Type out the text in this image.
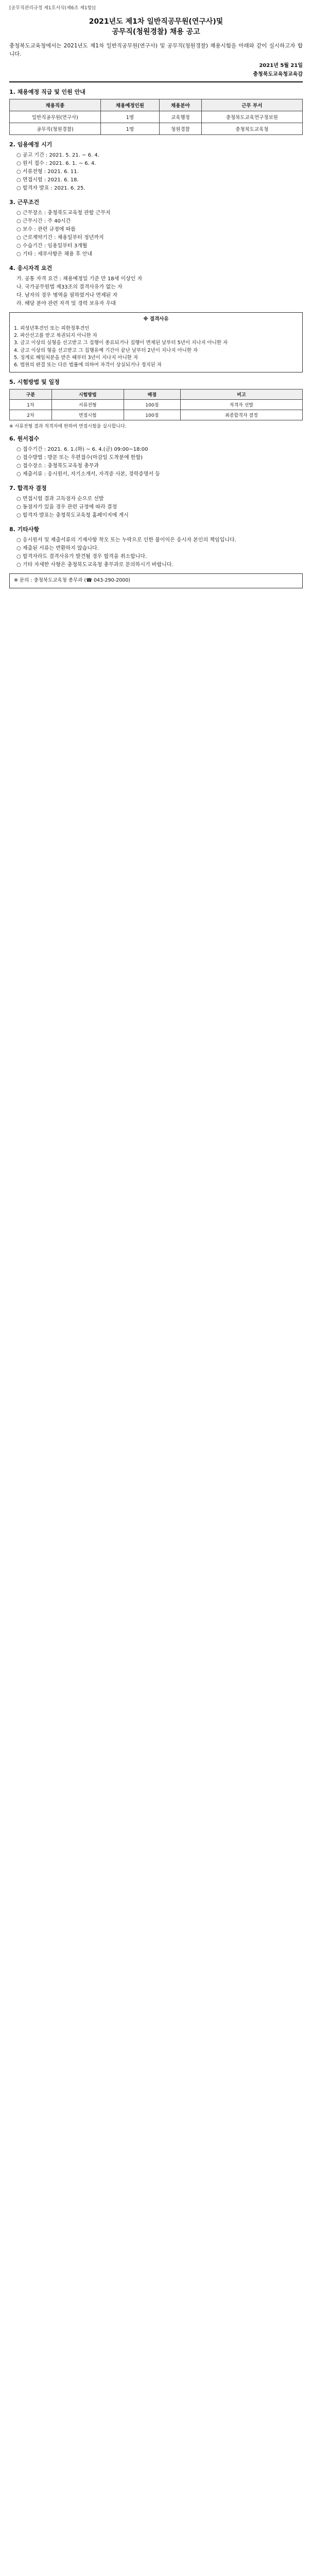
[공무직관리규정 제1호서식(제6조 제1항)]
2021년도 제1차 일반직공무원(연구사)및
공무직(청원경찰) 채용 공고
충청북도교육청에서는 2021년도 제1차 일반직공무원(연구사) 및 공무직(청원경찰) 채용시험을 아래와 같이 실시하고자 합니다.
2021년 5월 21일
충청북도교육청교육감
1. 채용예정 직급 및 인원 안내
채용직종	채용예정인원	채용분야	근무 부서
일반직공무원(연구사)	1명	교육행정	충청북도교육연구정보원
공무직(청원경찰)	1명	청원경찰	충청북도교육청
2. 임용예정 시기
○ 공고 기간 : 2021. 5. 21. ~ 6. 4.
○ 원서 접수 : 2021. 6. 1. ~ 6. 4.
○ 서류전형 : 2021. 6. 11.
○ 면접시험 : 2021. 6. 18.
○ 합격자 발표 : 2021. 6. 25.
3. 근무조건
○ 근무장소 : 충청북도교육청 관할 근무지
○ 근무시간 : 주 40시간
○ 보수 : 관련 규정에 따름
○ 근로계약기간 : 채용일부터 정년까지
○ 수습기간 : 임용일부터 3개월
○ 기타 : 세부사항은 채용 후 안내
4. 응시자격 요건
가. 공통 자격 요건 : 채용예정일 기준 만 18세 이상인 자
나. 국가공무원법 제33조의 결격사유가 없는 자
다. 남자의 경우 병역을 필하였거나 면제된 자
라. 해당 분야 관련 자격 및 경력 보유자 우대
※ 결격사유
1. 피성년후견인 또는 피한정후견인
2. 파산선고를 받고 복권되지 아니한 자
3. 금고 이상의 실형을 선고받고 그 집행이 종료되거나 집행이 면제된 날부터 5년이 지나지 아니한 자
4. 금고 이상의 형을 선고받고 그 집행유예 기간이 끝난 날부터 2년이 지나지 아니한 자
5. 징계로 해임처분을 받은 때부터 3년이 지나지 아니한 자
6. 법원의 판결 또는 다른 법률에 의하여 자격이 상실되거나 정지된 자
5. 시험방법 및 일정
구분	시험방법	배점	비고
1차	서류전형	100점	적격자 선발
2차	면접시험	100점	최종합격자 결정
※ 서류전형 결과 적격자에 한하여 면접시험을 실시합니다.
6. 원서접수
○ 접수기간 : 2021. 6. 1.(화) ~ 6. 4.(금) 09:00~18:00
○ 접수방법 : 방문 또는 우편접수(마감일 도착분에 한함)
○ 접수장소 : 충청북도교육청 총무과
○ 제출서류 : 응시원서, 자기소개서, 자격증 사본, 경력증명서 등
7. 합격자 결정
○ 면접시험 결과 고득점자 순으로 선발
○ 동점자가 있을 경우 관련 규정에 따라 결정
○ 합격자 발표는 충청북도교육청 홈페이지에 게시
8. 기타사항
○ 응시원서 및 제출서류의 기재사항 착오 또는 누락으로 인한 불이익은 응시자 본인의 책임입니다.
○ 제출된 서류는 반환하지 않습니다.
○ 합격자라도 결격사유가 발견될 경우 합격을 취소합니다.
○ 기타 자세한 사항은 충청북도교육청 총무과로 문의하시기 바랍니다.
※ 문의 : 충청북도교육청 총무과 (☎ 043-290-2000)
